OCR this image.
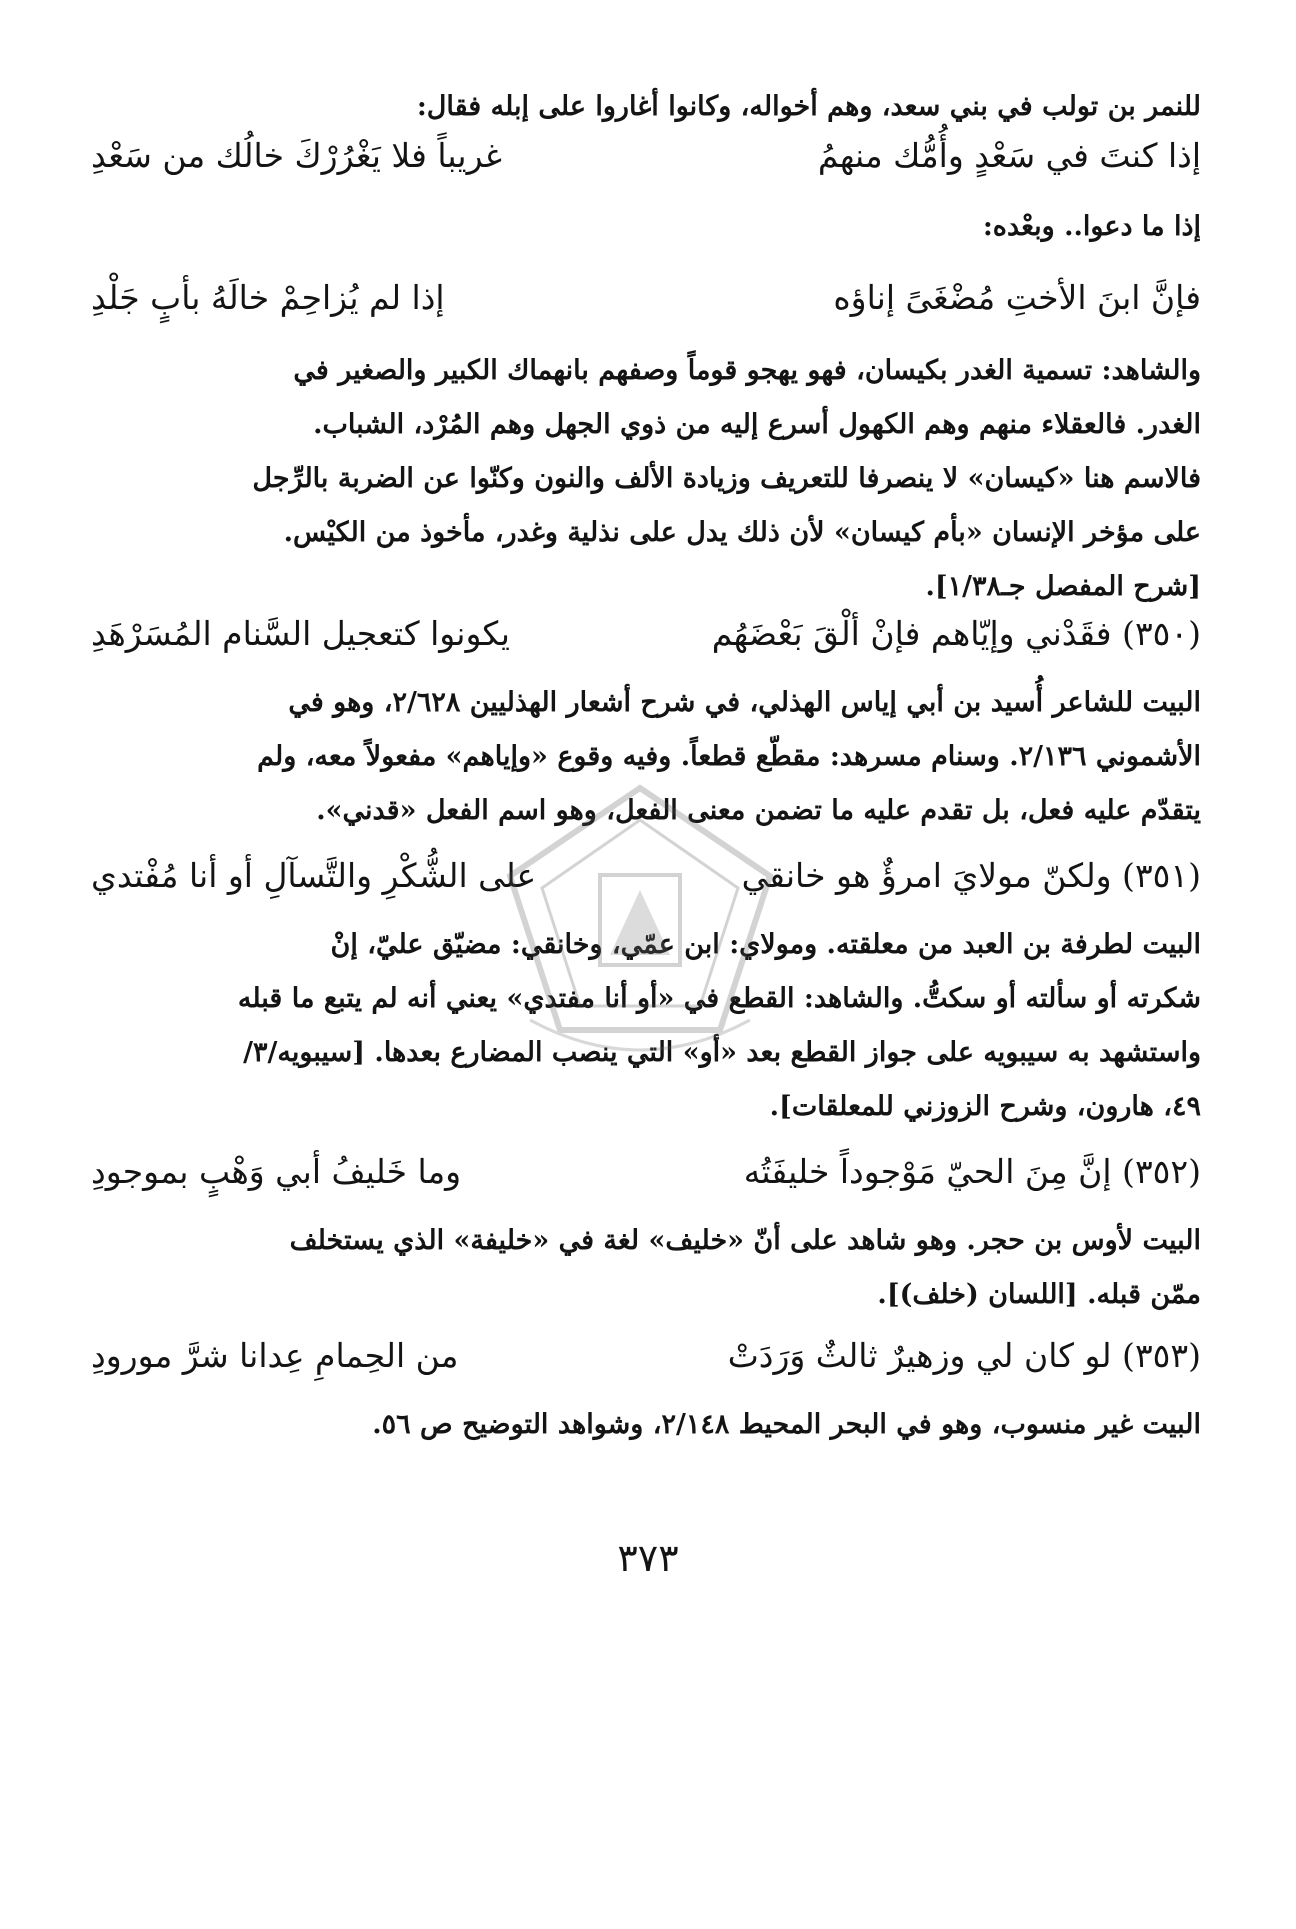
للنمر بن تولب في بني سعد، وهم أخواله، وكانوا أغاروا على إبله فقال:
إذا كنتَ في سَعْدٍ وأُمُّك منهمُ
غريباً فلا يَغْرُرْكَ خالُك من سَعْدِ
إذا ما دعوا.. وبعْده:
فإنَّ ابنَ الأختِ مُضْغَىً إناؤه
إذا لم يُزاحِمْ خالَهُ بأبٍ جَلْدِ
والشاهد: تسمية الغدر بكيسان، فهو يهجو قوماً وصفهم بانهماك الكبير والصغير في
الغدر. فالعقلاء منهم وهم الكهول أسرع إليه من ذوي الجهل وهم المُرْد، الشباب.
فالاسم هنا «كيسان» لا ينصرفا للتعريف وزيادة الألف والنون وكنّوا عن الضربة بالرِّجل
على مؤخر الإنسان «بأم كيسان» لأن ذلك يدل على نذلية وغدر، مأخوذ من الكيْس.
[شرح المفصل جـ١/٣٨].
(٣٥٠) فقَدْني وإيّاهم فإنْ ألْقَ بَعْضَهُم
يكونوا كتعجيل السَّنام المُسَرْهَدِ
البيت للشاعر أُسيد بن أبي إياس الهذلي، في شرح أشعار الهذليين ٢/٦٢٨، وهو في
الأشموني ٢/١٣٦. وسنام مسرهد: مقطّع قطعاً. وفيه وقوع «وإياهم» مفعولاً معه، ولم
يتقدّم عليه فعل، بل تقدم عليه ما تضمن معنى الفعل، وهو اسم الفعل «قدني».
(٣٥١) ولكنّ مولايَ امرؤٌ هو خانقي
على الشُّكْرِ والتَّسآلِ أو أنا مُفْتدي
البيت لطرفة بن العبد من معلقته. ومولاي: ابن عمّي، وخانقي: مضيّق عليّ، إنْ
شكرته أو سألته أو سكتُّ. والشاهد: القطع في «أو أنا مفتدي» يعني أنه لم يتبع ما قبله
واستشهد به سيبويه على جواز القطع بعد «أو» التي ينصب المضارع بعدها. [سيبويه/٣/
٤٩، هارون، وشرح الزوزني للمعلقات].
(٣٥٢) إنَّ مِنَ الحيّ مَوْجوداً خليفَتُه
وما خَليفُ أبي وَهْبٍ بموجودِ
البيت لأوس بن حجر. وهو شاهد على أنّ «خليف» لغة في «خليفة» الذي يستخلف
ممّن قبله. [اللسان (خلف)].
(٣٥٣) لو كان لي وزهيرٌ ثالثٌ وَرَدَتْ
من الحِمامِ عِدانا شرَّ مورودِ
البيت غير منسوب، وهو في البحر المحيط ٢/١٤٨، وشواهد التوضيح ص ٥٦.
٣٧٣
